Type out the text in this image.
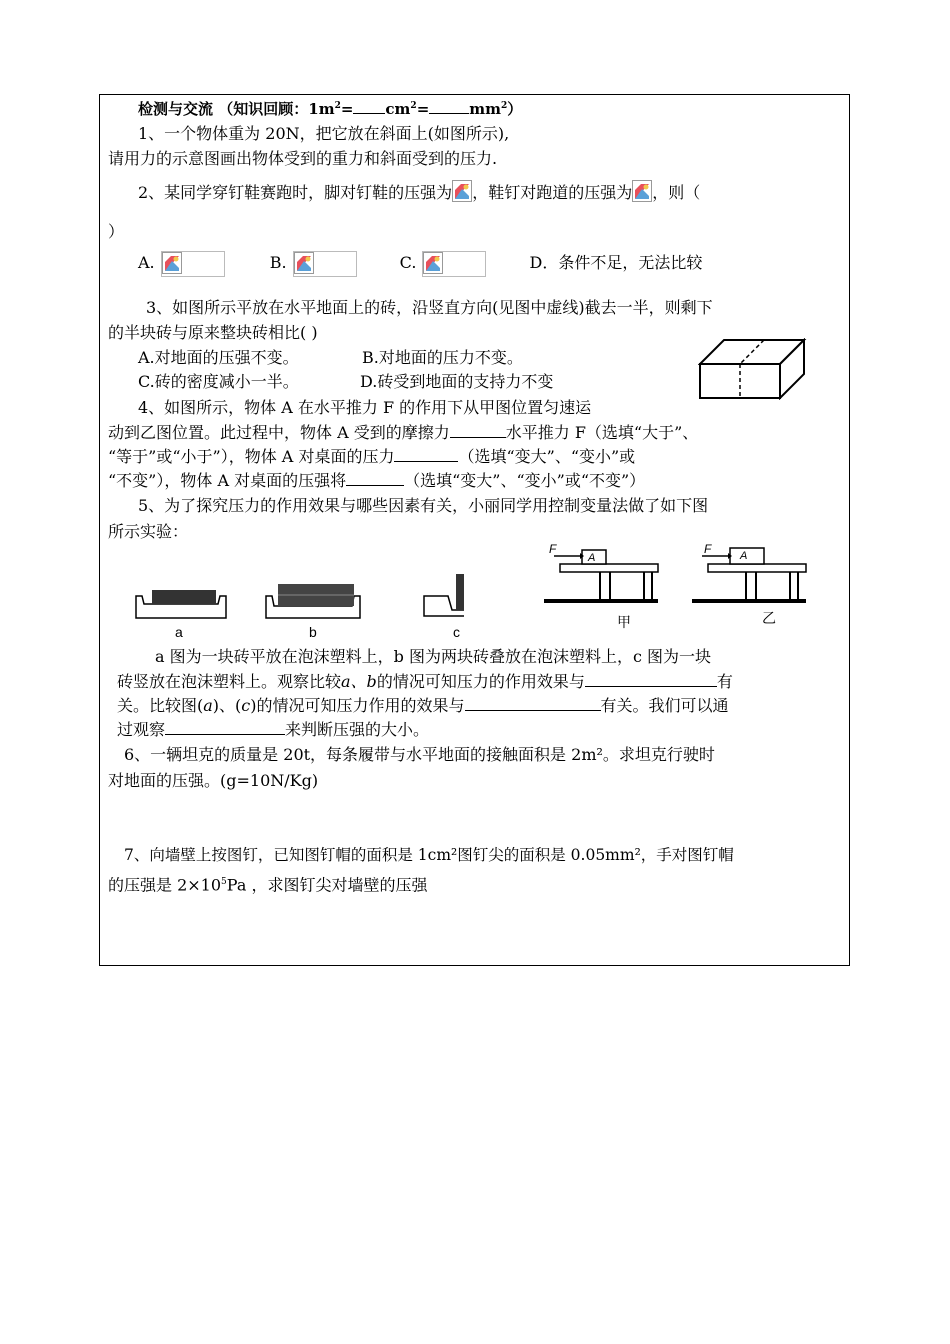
检测与交流 （知识回顾：$1m^2= cm^2=$	$mm^2$）
1、一个物体重为 20N，把它放在斜面上(如图所示),
请用力的示意图画出物体受到的重力和斜面受到的压力.
2、某同学穿钉鞋赛跑时，脚对钉鞋的压强为 ，鞋钉对跑道的压强为 ，则（
）
A.	B.	C.	D．条件不足，无法比较
3、如图所示平放在水平地面上的砖，沿竖直方向(见图中虚线)截去一半，则剩下
的半块砖与原来整块砖相比( )
A.对地面的压强不变。	B.对地面的压力不变。
C.砖的密度减小一半。	D.砖受到地面的支持力不变
4、如图所示，物体 A 在水平推力 F 的作用下从甲图位置匀速运
动到乙图位置。此过程中，物体 A 受到的摩擦力	水平推力 F（选填“大于”、
“等于”或“小于”），物体 A 对桌面的压力	（选填“变大”、“变小”或
“不变”），物体 A 对桌面的压强将	（选填“变大”、“变小”或“不变”）
5、为了探究压力的作用效果与哪些因素有关，小丽同学用控制变量法做了如下图
所示实验：
a	b	c
F
A
F	A
甲	乙
a 图为一块砖平放在泡沫塑料上，b 图为两块砖叠放在泡沫塑料上，c 图为一块
砖竖放在泡沫塑料上。观察比较a、b的情况可知压力的作用效果与	有
关。比较图(a)、(c)的情况可知压力作用的效果与	有关。我们可以通
过观察	来判断压强的大小。
6、一辆坦克的质量是 20t，每条履带与水平地面的接触面积是 2m²。求坦克行驶时
对地面的压强。(g=10N/Kg)
7、向墙壁上按图钉，已知图钉帽的面积是 1cm²图钉尖的面积是 0.05mm²，手对图钉帽
的压强是 $2\times 10^5Pa$ ，求图钉尖对墙壁的压强
